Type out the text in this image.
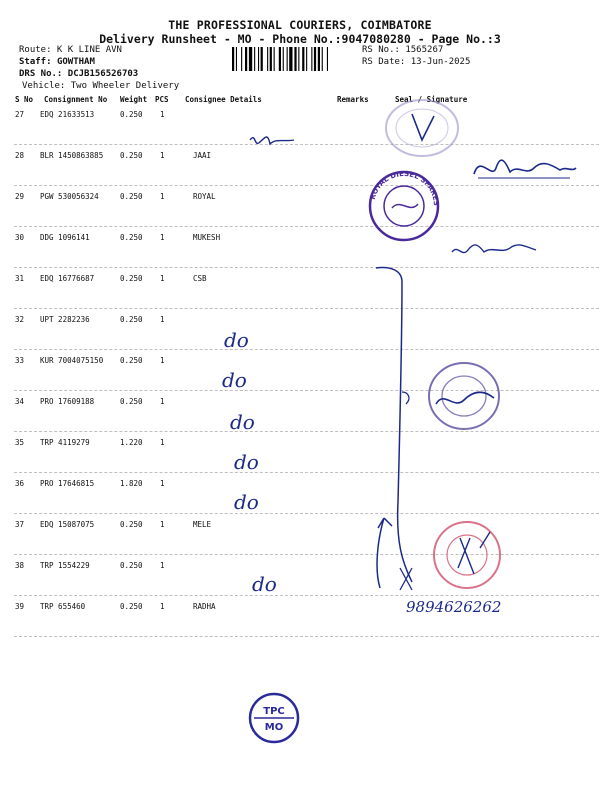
THE PROFESSIONAL COURIERS, COIMBATORE
Delivery Runsheet - MO - Phone No.:9047080280 - Page No.:3
Route: K K LINE AVN
Staff: GOWTHAM
DRS No.: DCJB156526703
Vehicle: Two Wheeler Delivery
RS No.: 1565267
RS Date: 13-Jun-2025
S No Consignment No Weight PCS Consignee Details	Remarks	Seal / Signature
27 EDQ 21633513	0.250 1
28 BLR 1450863885 0.250 1	JAAI
29 PGW 530056324	0.250 1	ROYAL
30 DDG 1096141	0.250 1	MUKESH
31 EDQ 16776687	0.250 1	CSB
32 UPT 2282236	0.250 1
33 KUR 7004075150 0.250 1
34 PRO 17609188	0.250 1
35 TRP 4119279	1.220 1
36 PRO 17646815	1.820 1
37 EDQ 15087075	0.250 1	MELE
38 TRP 1554229	0.250 1
39 TRP 655460	0.250 1	RADHA
ROYAL DIESEL SPARES
TPC
MO
do
do
do
do
do
do
9894626262
